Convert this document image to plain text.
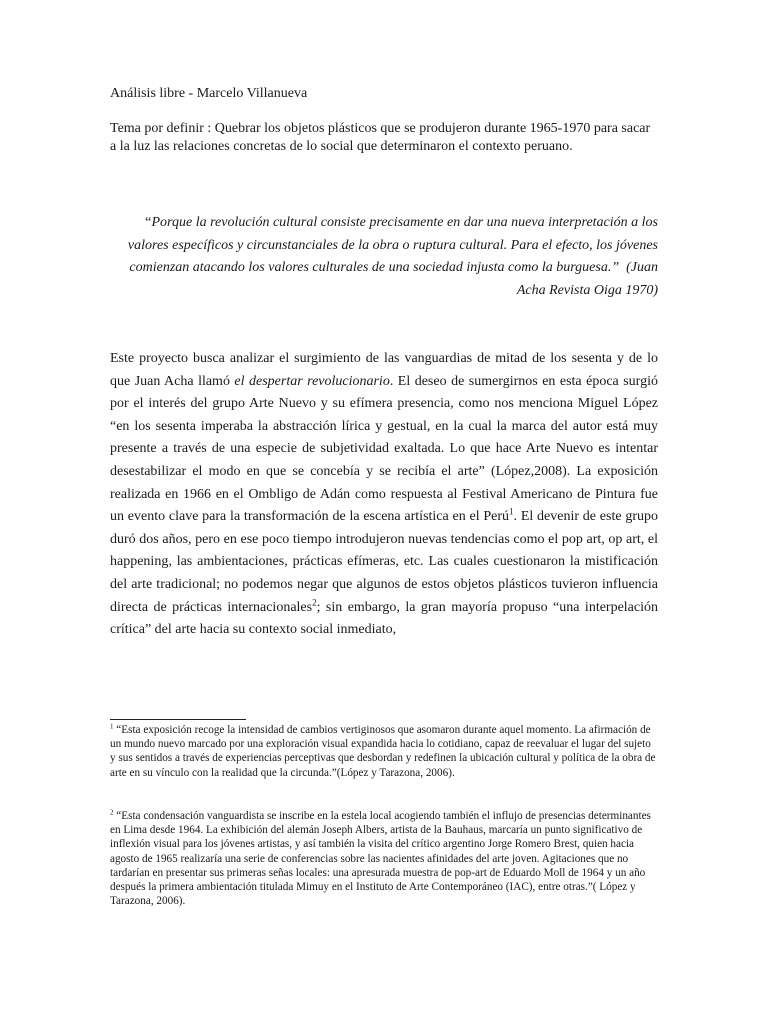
Análisis libre - Marcelo Villanueva
Tema por definir : Quebrar los objetos plásticos que se produjeron durante 1965-1970 para sacar a la luz las relaciones concretas de lo social que determinaron el contexto peruano.
“Porque la revolución cultural consiste precisamente en dar una nueva interpretación a los valores específicos y circunstanciales de la obra o ruptura cultural. Para el efecto, los jóvenes comienzan atacando los valores culturales de una sociedad injusta como la burguesa.” (Juan Acha Revista Oiga 1970)
Este proyecto busca analizar el surgimiento de las vanguardias de mitad de los sesenta y de lo que Juan Acha llamó el despertar revolucionario. El deseo de sumergirnos en esta época surgió por el interés del grupo Arte Nuevo y su efímera presencia, como nos menciona Miguel López “en los sesenta imperaba la abstracción lírica y gestual, en la cual la marca del autor está muy presente a través de una especie de subjetividad exaltada. Lo que hace Arte Nuevo es intentar desestabilizar el modo en que se concebía y se recibía el arte” (López,2008). La exposición realizada en 1966 en el Ombligo de Adán como respuesta al Festival Americano de Pintura fue un evento clave para la transformación de la escena artística en el Perú$^1$. El devenir de este grupo duró dos años, pero en ese poco tiempo introdujeron nuevas tendencias como el pop art, op art, el happening, las ambientaciones, prácticas efímeras, etc. Las cuales cuestionaron la mistificación del arte tradicional; no podemos negar que algunos de estos objetos plásticos tuvieron influencia directa de prácticas internacionales$^2$; sin embargo, la gran mayoría propuso “una interpelación crítica” del arte hacia su contexto social inmediato,
$^1$ “Esta exposición recoge la intensidad de cambios vertiginosos que asomaron durante aquel momento. La afirmación de un mundo nuevo marcado por una exploración visual expandida hacia lo cotidiano, capaz de reevaluar el lugar del sujeto y sus sentidos a través de experiencias perceptivas que desbordan y redefinen la ubicación cultural y política de la obra de arte en su vínculo con la realidad que la circunda.”(López y Tarazona, 2006).
$^2$ “Esta condensación vanguardista se inscribe en la estela local acogiendo también el influjo de presencias determinantes en Lima desde 1964. La exhibición del alemán Joseph Albers, artista de la Bauhaus, marcaría un punto significativo de inflexión visual para los jóvenes artistas, y así también la visita del crítico argentino Jorge Romero Brest, quien hacia agosto de 1965 realizaría una serie de conferencias sobre las nacientes afinidades del arte joven. Agitaciones que no tardarían en presentar sus primeras señas locales: una apresurada muestra de pop-art de Eduardo Moll de 1964 y un año después la primera ambientación titulada Mimuy en el Instituto de Arte Contemporáneo (IAC), entre otras.”( López y Tarazona, 2006).
